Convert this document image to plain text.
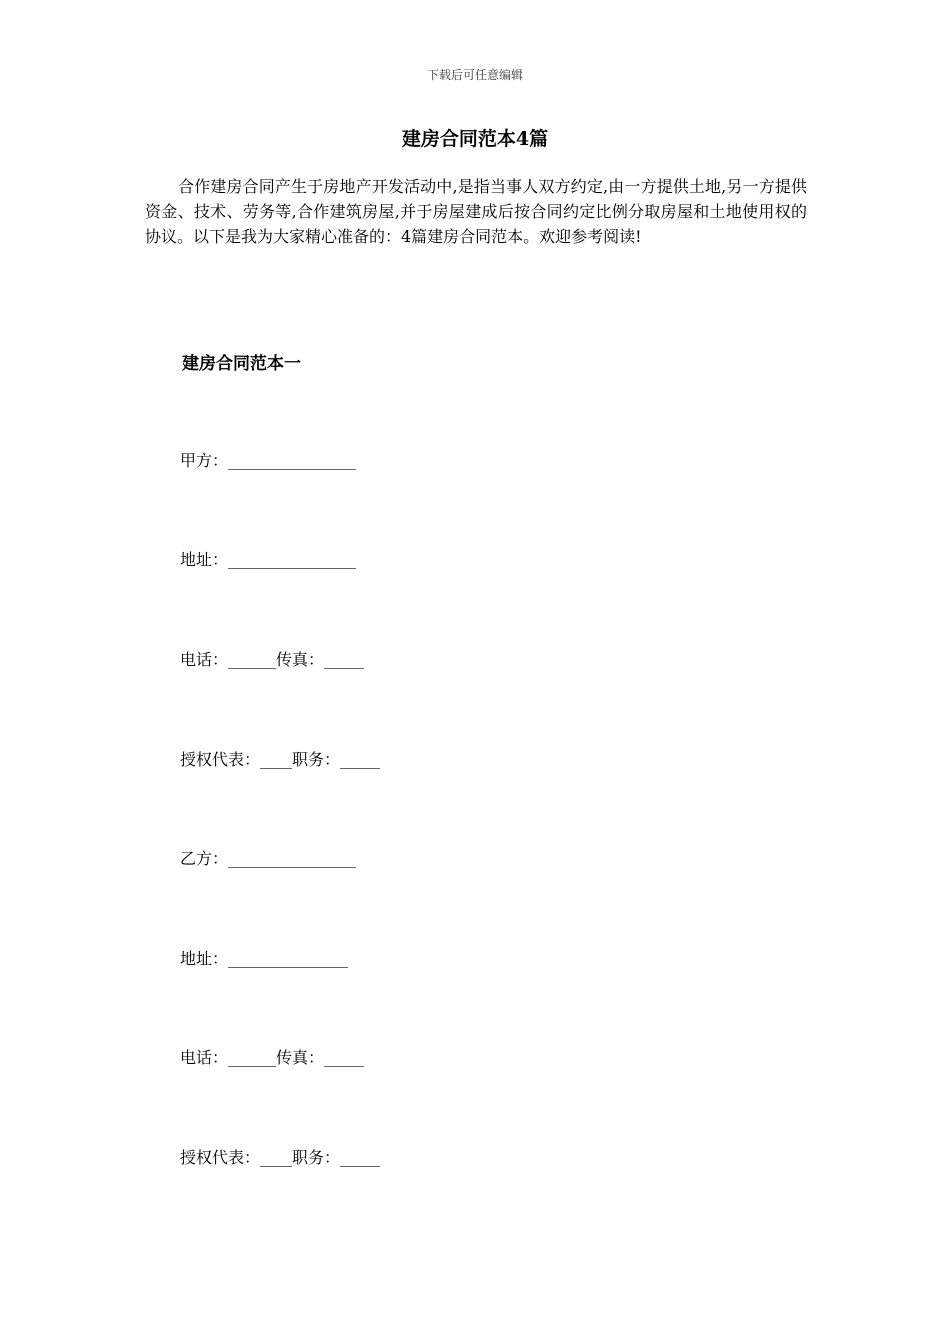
下载后可任意编辑
建房合同范本4篇

合作建房合同产生于房地产开发活动中,是指当事人双方约定,由一方提供土地,另一方提供资金、技术、劳务等,合作建筑房屋,并于房屋建成后按合同约定比例分取房屋和土地使用权的协议。以下是我为大家精心准备的：4篇建房合同范本。欢迎参考阅读!

建房合同范本一

甲方：________________

地址：________________

电话：______传真：_____

授权代表：____职务：_____

乙方：________________

地址：_______________

电话：______传真：_____

授权代表：____职务：_____
